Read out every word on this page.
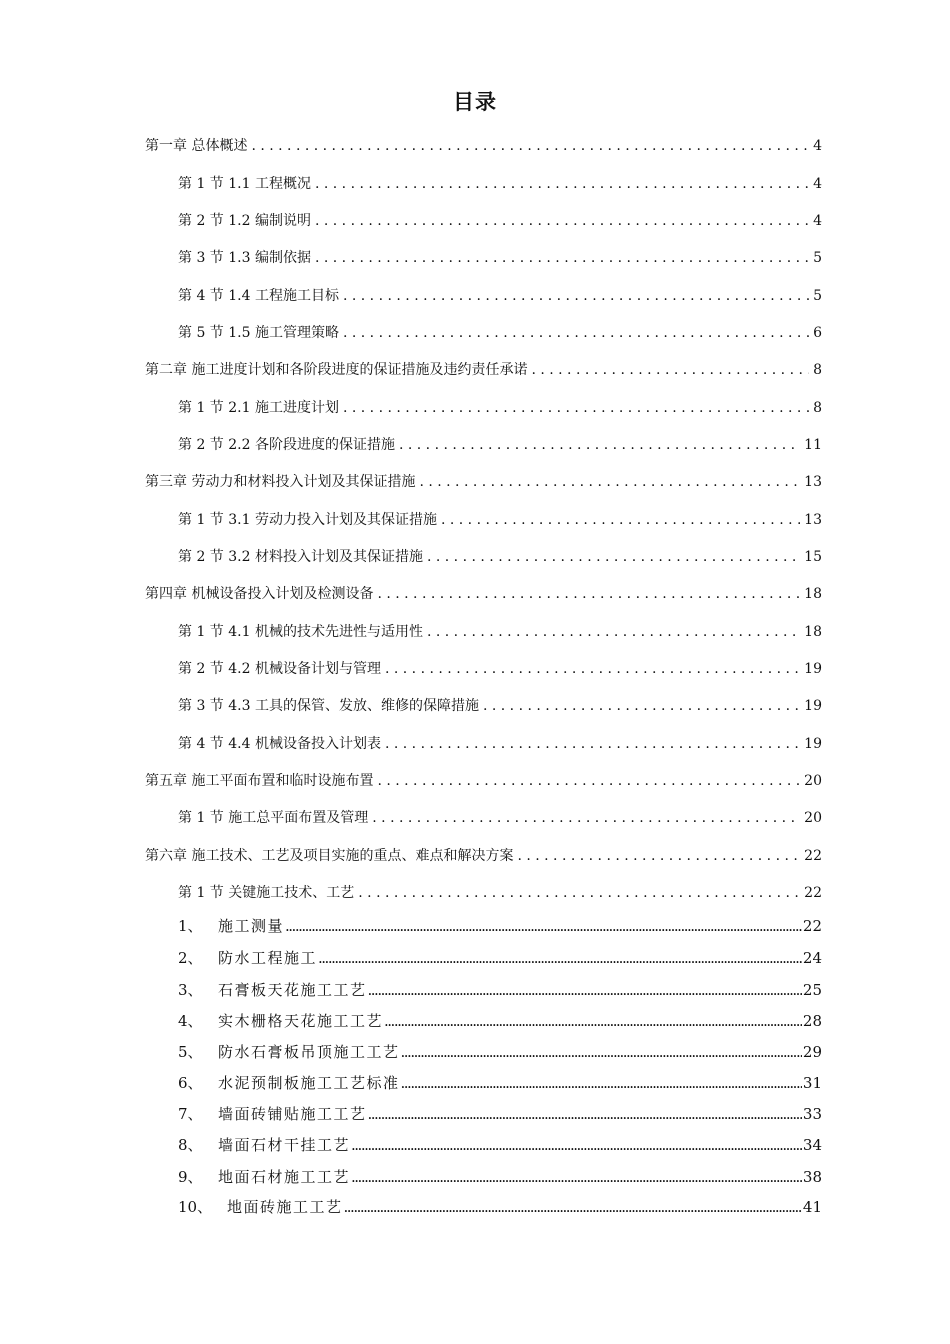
目录
第一章 总体概述 . . .	4
第 1 节 1.1 工程概况 . . .	4
第 2 节 1.2 编制说明 . . .	4
第 3 节 1.3 编制依据 . . .	5
第 4 节 1.4 工程施工目标 . . .	5
第 5 节 1.5 施工管理策略 . . .	6
第二章 施工进度计划和各阶段进度的保证措施及违约责任承诺 . . .	8
第 1 节 2.1 施工进度计划 . . .	8
第 2 节 2.2 各阶段进度的保证措施 . . .	11
第三章 劳动力和材料投入计划及其保证措施 . . .	13
第 1 节 3.1 劳动力投入计划及其保证措施 . . .	13
第 2 节 3.2 材料投入计划及其保证措施 . . .	15
第四章 机械设备投入计划及检测设备 . . .	18
第 1 节 4.1 机械的技术先进性与适用性 . . .	18
第 2 节 4.2 机械设备计划与管理 . . .	19
第 3 节 4.3 工具的保管、发放、维修的保障措施 . . .	19
第 4 节 4.4 机械设备投入计划表 . . .	19
第五章 施工平面布置和临时设施布置 . . .	20
第 1 节 施工总平面布置及管理 . . .	20
第六章 施工技术、工艺及项目实施的重点、难点和解决方案 . . .	22
第 1 节 关键施工技术、工艺 . . .	22
1、	施工测量 .....	22
2、	防水工程施工 .....	24
3、	石膏板天花施工工艺 .....	25
4、	实木栅格天花施工工艺 .....	28
5、	防水石膏板吊顶施工工艺 .....	29
6、	水泥预制板施工工艺标准 .....	31
7、	墙面砖铺贴施工工艺 .....	33
8、	墙面石材干挂工艺 .....	34
9、	地面石材施工工艺 .....	38
10、 地面砖施工工艺 .....	41
